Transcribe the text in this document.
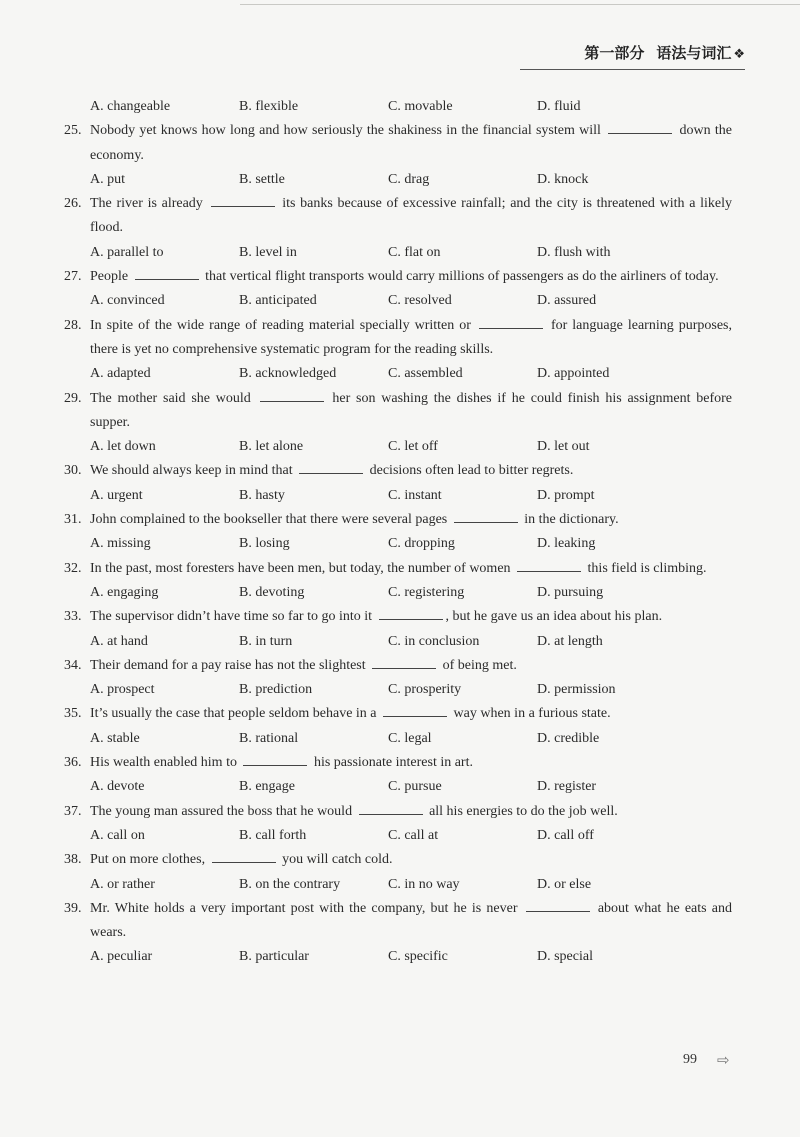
第一部分 语法与词汇 ❖
A. changeable	B. flexible	C. movable	D. fluid
25. Nobody yet knows how long and how seriously the shakiness in the financial system will	down the economy.
A. put	B. settle	C. drag	D. knock
26. The river is already	its banks because of excessive rainfall; and the city is threatened with a likely flood.
A. parallel to	B. level in	C. flat on	D. flush with
27. People	that vertical flight transports would carry millions of passengers as do the airliners of today.
A. convinced	B. anticipated	C. resolved	D. assured
28. In spite of the wide range of reading material specially written or	for language learning purposes, there is yet no comprehensive systematic program for the reading skills.
A. adapted	B. acknowledged	C. assembled	D. appointed
29. The mother said she would	her son washing the dishes if he could finish his assignment before supper.
A. let down	B. let alone	C. let off	D. let out
30. We should always keep in mind that	decisions often lead to bitter regrets.
A. urgent	B. hasty	C. instant	D. prompt
31. John complained to the bookseller that there were several pages	in the dictionary.
A. missing	B. losing	C. dropping	D. leaking
32. In the past, most foresters have been men, but today, the number of women	this field is climbing.
A. engaging	B. devoting	C. registering	D. pursuing
33. The supervisor didn’t have time so far to go into it	, but he gave us an idea about his plan.
A. at hand	B. in turn	C. in conclusion	D. at length
34. Their demand for a pay raise has not the slightest	of being met.
A. prospect	B. prediction	C. prosperity	D. permission
35. It’s usually the case that people seldom behave in a	way when in a furious state.
A. stable	B. rational	C. legal	D. credible
36. His wealth enabled him to	his passionate interest in art.
A. devote	B. engage	C. pursue	D. register
37. The young man assured the boss that he would	all his energies to do the job well.
A. call on	B. call forth	C. call at	D. call off
38. Put on more clothes,	you will catch cold.
A. or rather	B. on the contrary	C. in no way	D. or else
39. Mr. White holds a very important post with the company, but he is never	about what he eats and wears.
A. peculiar	B. particular	C. specific	D. special
99 ⇨
